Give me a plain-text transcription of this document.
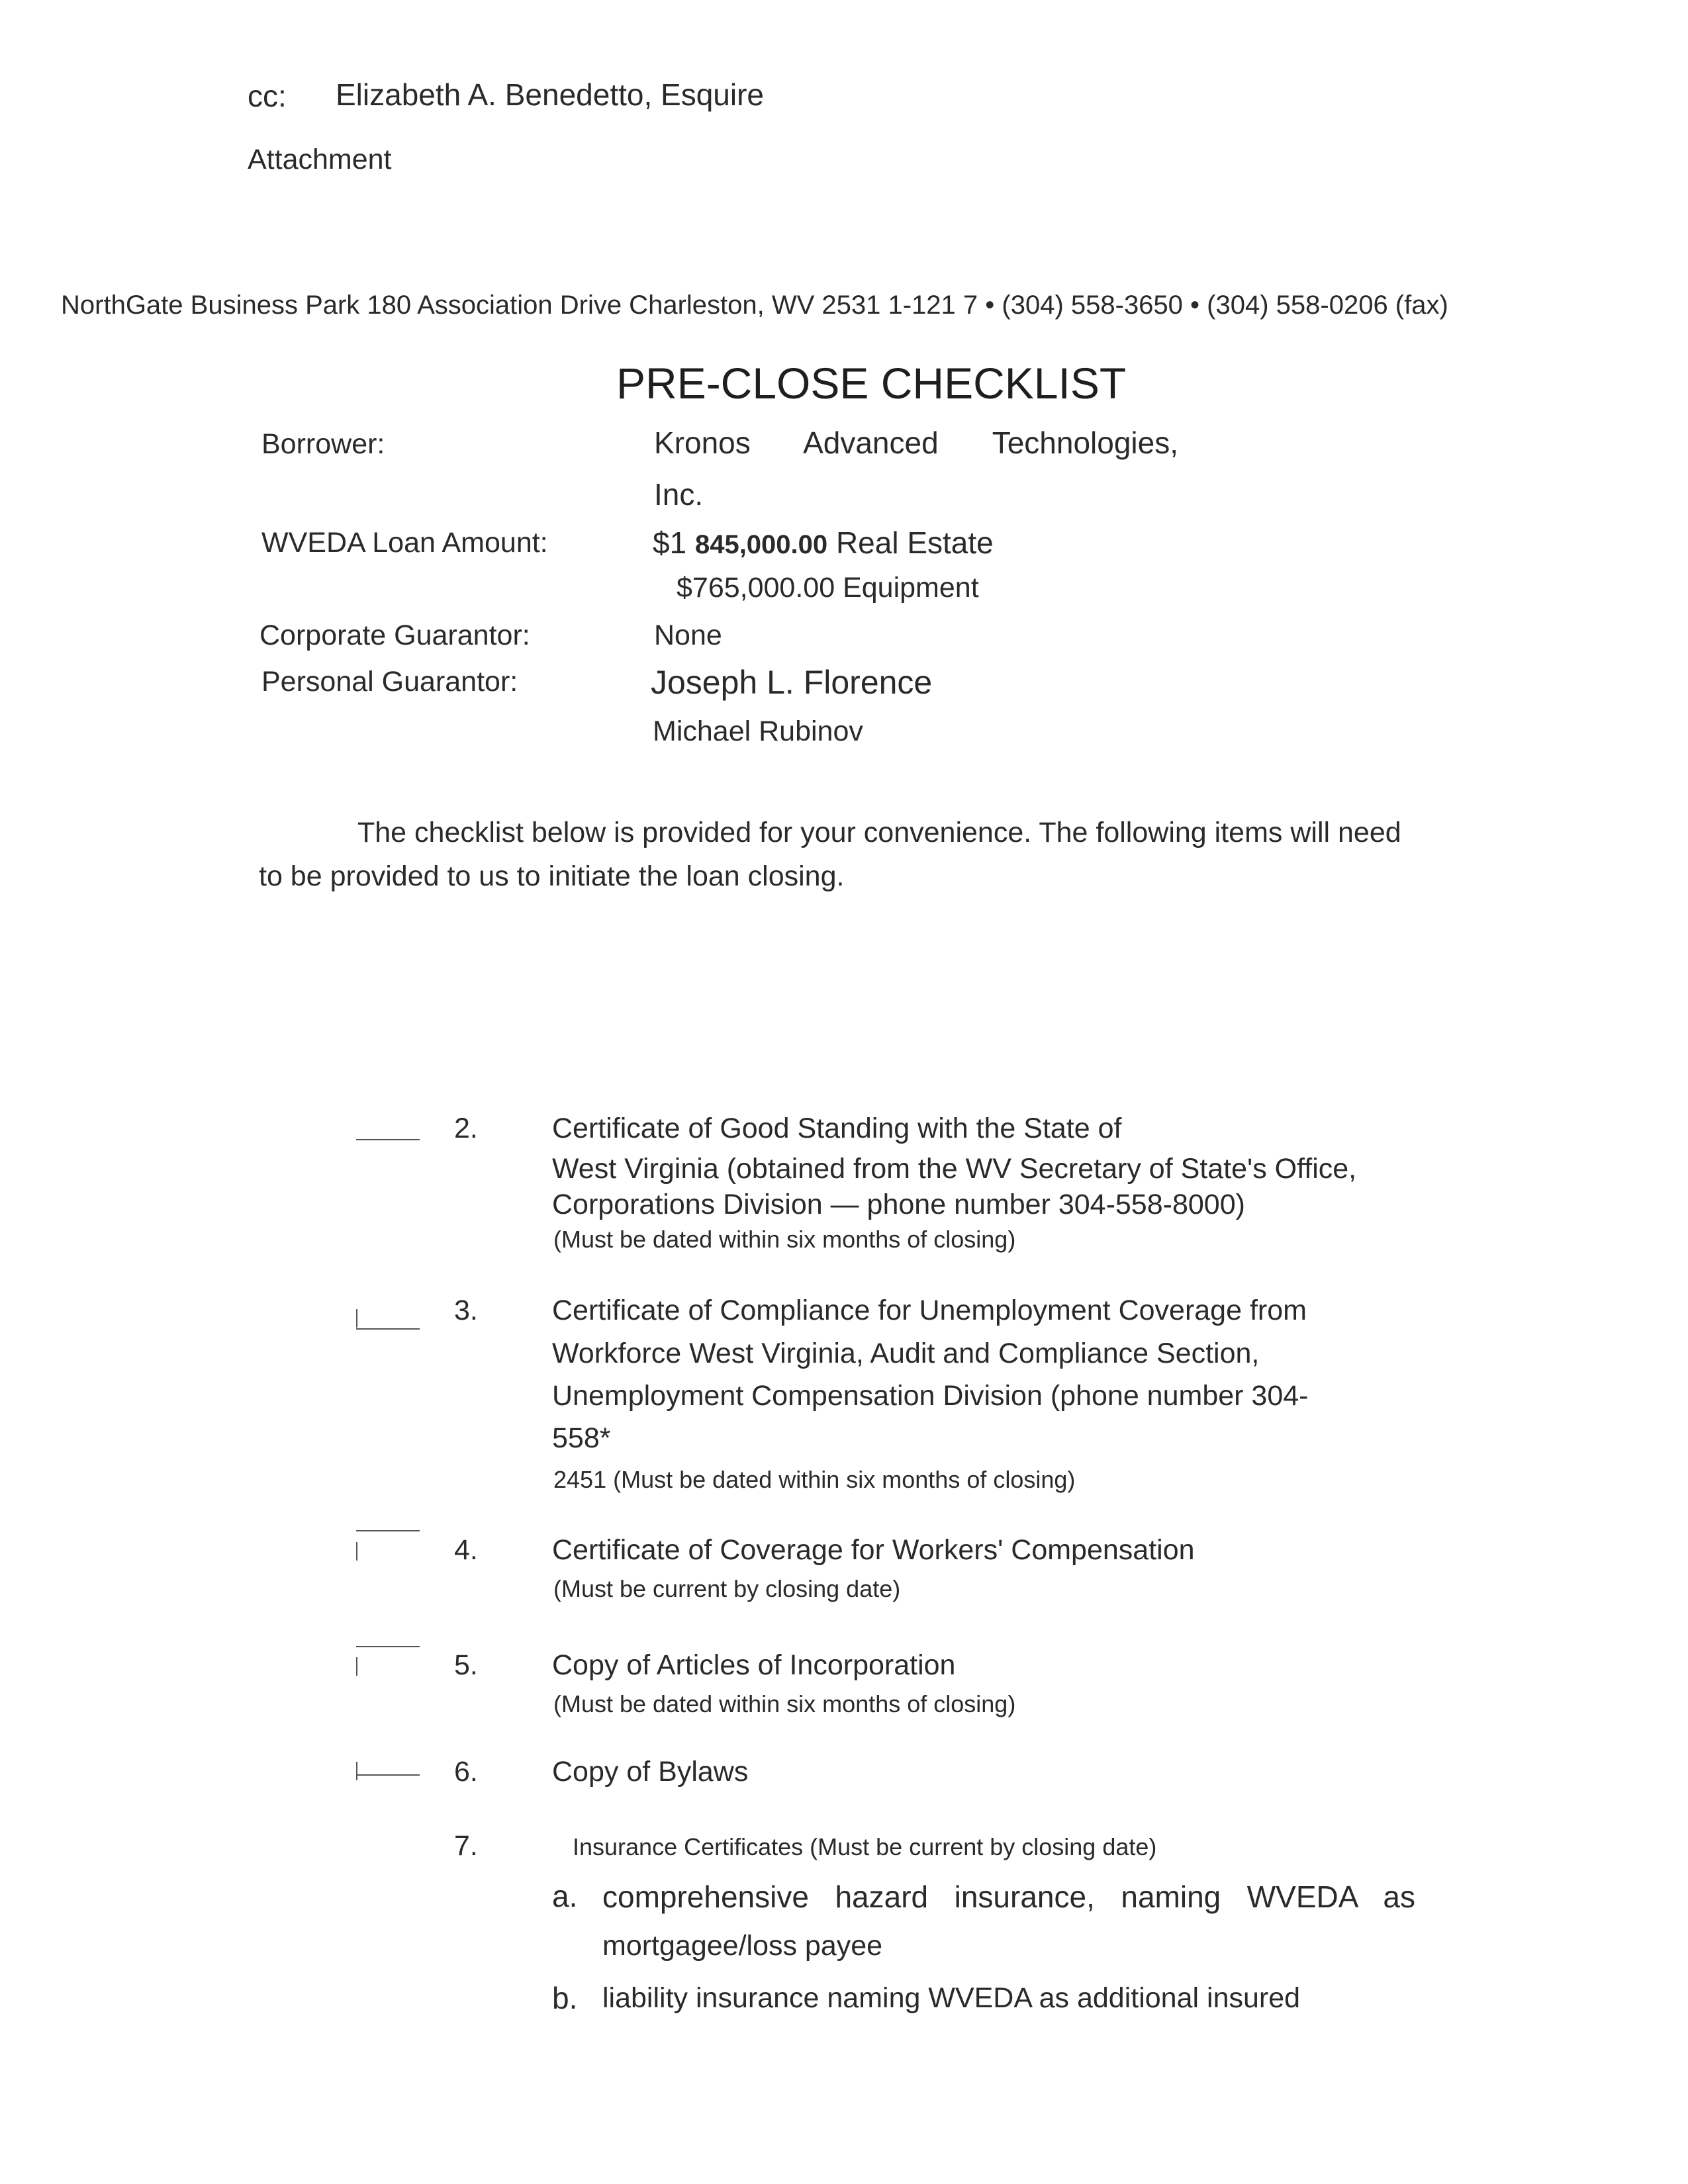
cc: Elizabeth A. Benedetto, Esquire
Attachment
NorthGate Business Park 180 Association Drive Charleston, WV 2531 1-121 7 • (304) 558-3650 • (304) 558-0206 (fax)
PRE-CLOSE CHECKLIST
Borrower:	Kronos Advanced Technologies,
Inc.
WVEDA Loan Amount:	$1 845,000.00 Real Estate
$765,000.00 Equipment
Corporate Guarantor:	None
Personal Guarantor:	Joseph L. Florence
Michael Rubinov
The checklist below is provided for your convenience. The following items will need
to be provided to us to initiate the loan closing.
2.	Certificate of Good Standing with the State of
West Virginia (obtained from the WV Secretary of State's Office,
Corporations Division — phone number 304-558-8000)
(Must be dated within six months of closing)
3.	Certificate of Compliance for Unemployment Coverage from
Workforce West Virginia, Audit and Compliance Section,
Unemployment Compensation Division (phone number 304-
558*
2451 (Must be dated within six months of closing)
4.	Certificate of Coverage for Workers' Compensation
(Must be current by closing date)
5.	Copy of Articles of Incorporation
(Must be dated within six months of closing)
6.	Copy of Bylaws
7.	Insurance Certificates (Must be current by closing date)
a. comprehensive hazard insurance, naming WVEDA as
mortgagee/loss payee
b. liability insurance naming WVEDA as additional insured
